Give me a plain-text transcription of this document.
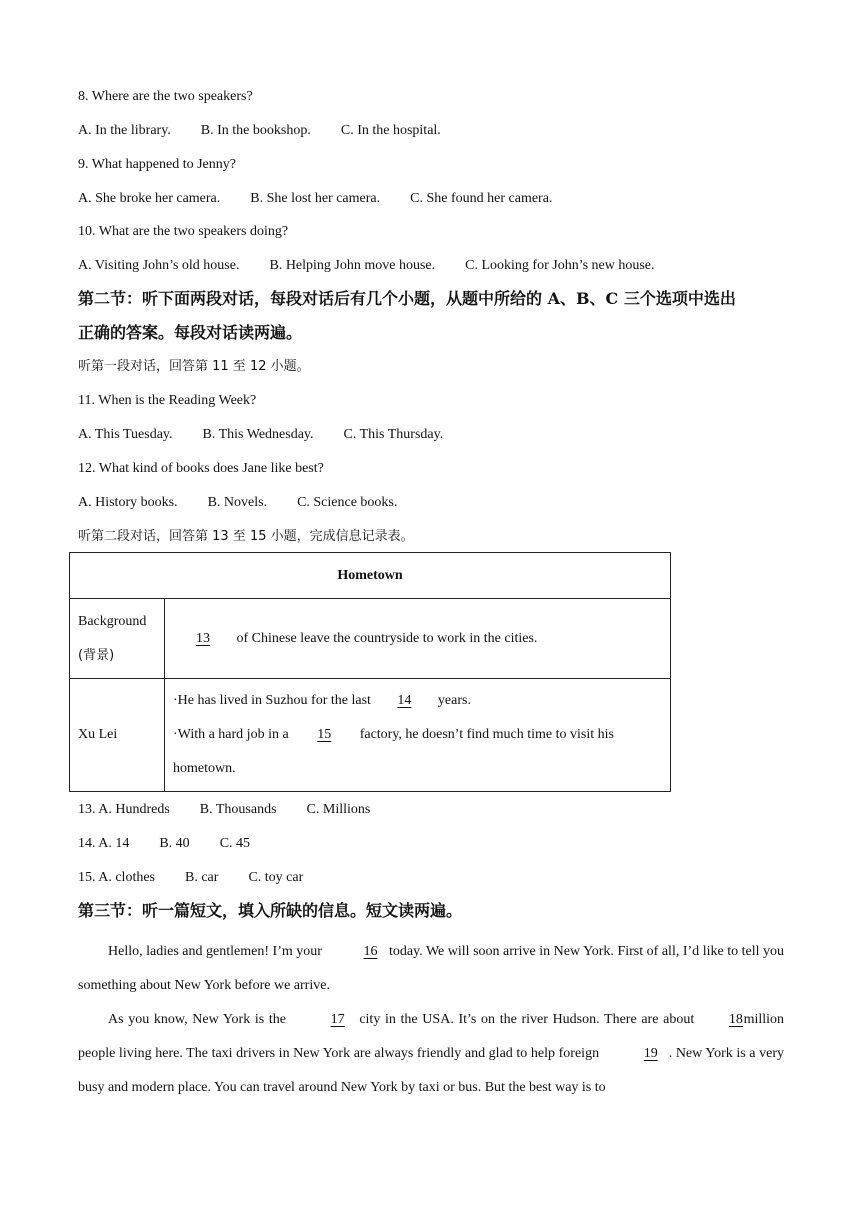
8. Where are the two speakers?
A. In the library. B. In the bookshop. C. In the hospital.
9. What happened to Jenny?
A. She broke her camera. B. She lost her camera. C. She found her camera.
10. What are the two speakers doing?
A. Visiting John’s old house. B. Helping John move house. C. Looking for John’s new house.
第二节：听下面两段对话，每段对话后有几个小题，从题中所给的 A、B、C 三个选项中选出
正确的答案。每段对话读两遍。
听第一段对话，回答第 11 至 12 小题。
11. When is the Reading Week?
A. This Tuesday. B. This Wednesday. C. This Thursday.
12. What kind of books does Jane like best?
A. History books. B. Novels. C. Science books.
听第二段对话，回答第 13 至 15 小题，完成信息记录表。
Hometown	
Background
(背景)	13 of Chinese leave the countryside to work in the cities.
Xu Lei	·He has lived in Suzhou for the last 14 years.
·With a hard job in a 15 factory, he doesn’t find much time to visit his
hometown.
13. A. Hundreds B. Thousands C. Millions
14. A. 14 B. 40 C. 45
15. A. clothes B. car C. toy car
第三节：听一篇短文，填入所缺的信息。短文读两遍。
Hello, ladies and gentlemen! I’m your	16 today. We will soon arrive in New York. First of all, I’d like to tell you something about New York before we arrive.
As you know, New York is the	17 city in the USA. It’s on the river Hudson. There are about 18 million people living here. The taxi drivers in New York are always friendly and glad to help foreign	19 . New York is a very busy and modern place. You can travel around New York by taxi or bus. But the best way is to
